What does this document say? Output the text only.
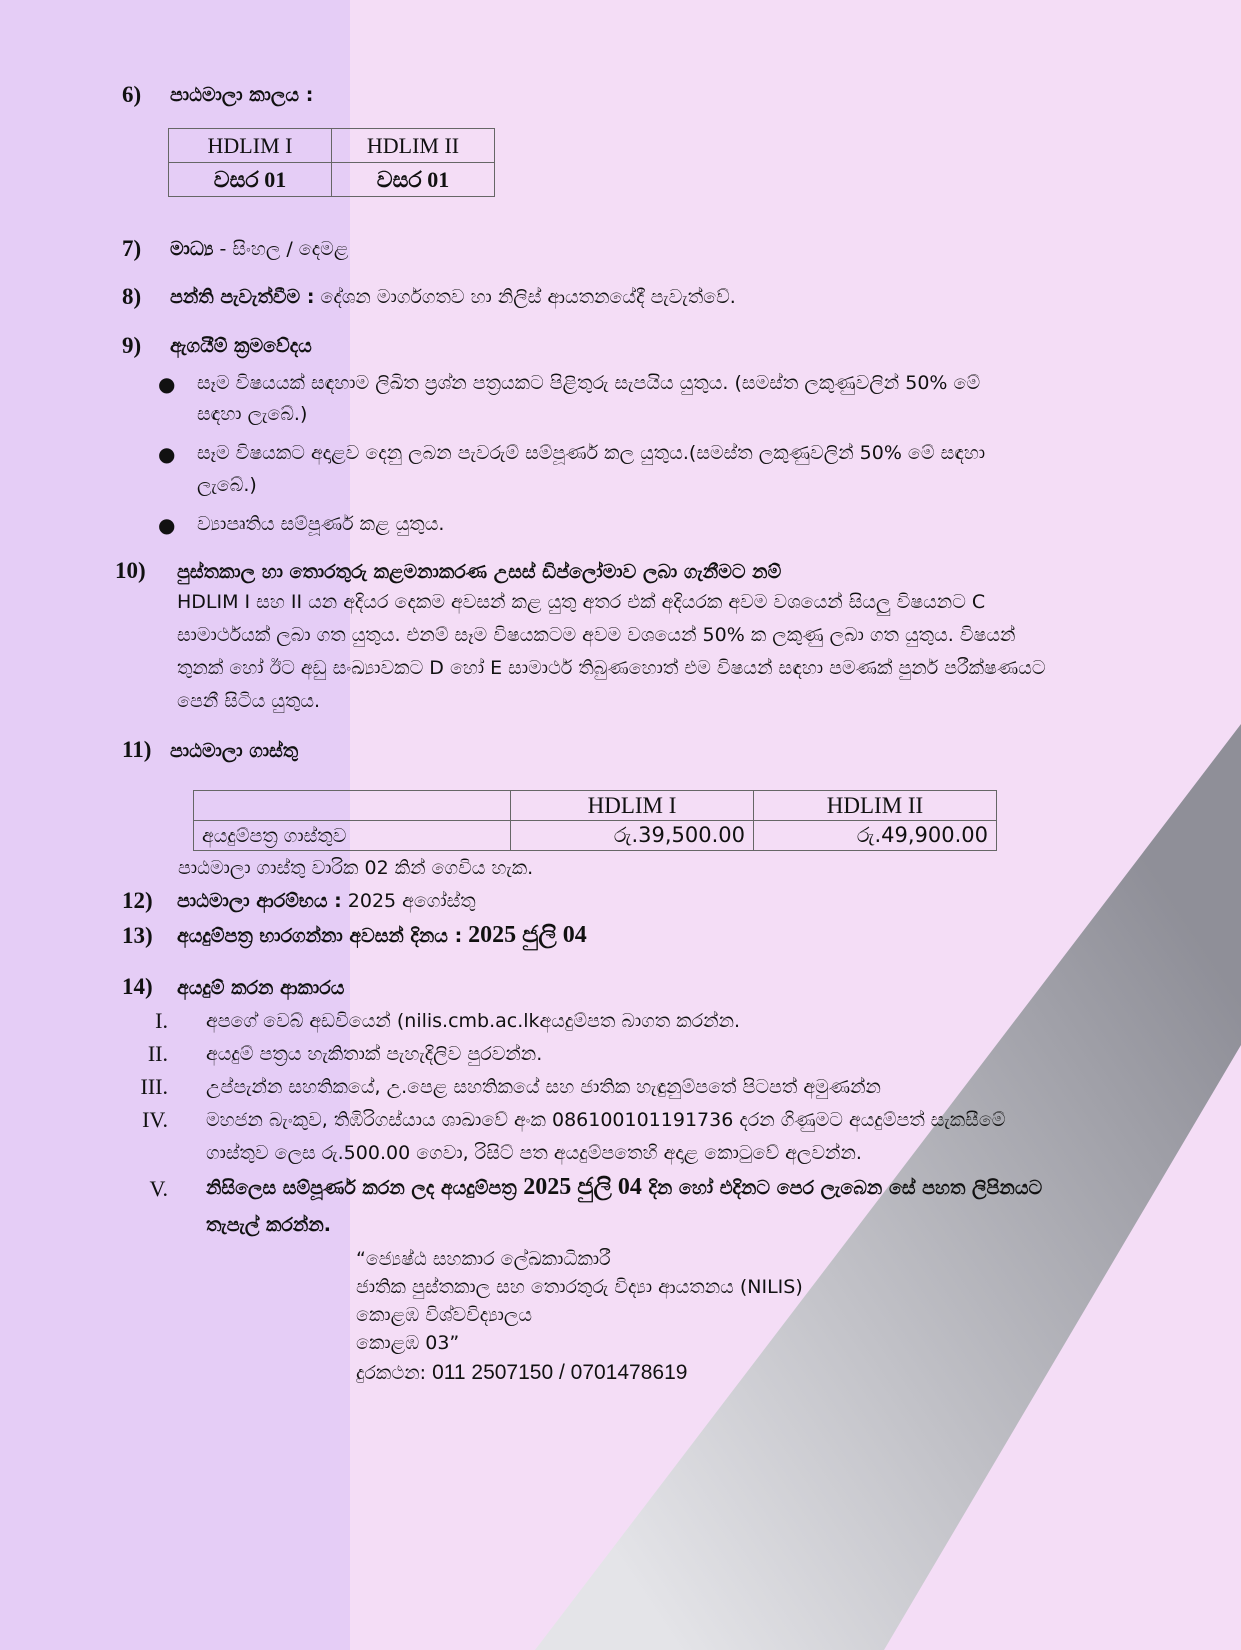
6) පාඨමාලා කාලය :
HDLIM I	HDLIM II
වසර 01	වසර 01
7) මාධ්‍ය - සිංහල / දෙමළ
8) පන්ති පැවැත්වීම : දේශන මාර්ගගතව හා නිලිස් ආයතනයේදී පැවැත්වේ.
9) ඇගයීම් ක්‍රමවේදය
● සෑම විෂයයක් සඳහාම ලිඛිත ප්‍රශ්න පත්‍රයකට පිළිතුරු සැපයිය යුතුය. (සමස්ත ලකුණුවලින් 50% මේ
සඳහා ලැබේ.)
● සෑම විෂයකට අදාළව දෙනු ලබන පැවරුම් සම්පූර්ණ කල යුතුය.(සමස්ත ලකුණුවලින් 50% මේ සඳහා
ලැබේ.)
● ව්‍යාපෘතිය සම්පූර්ණ කළ යුතුය.
10) පුස්තකාල හා තොරතුරු කළමනාකරණ උසස් ඩිප්ලෝමාව ලබා ගැනීමට නම්
HDLIM I සහ II යන අදියර දෙකම අවසන් කළ යුතු අතර එක් අදියරක අවම වශයෙන් සියලු විෂයනට C
සාමාර්ථයක් ලබා ගත යුතුය. එනම් සෑම විෂයකටම අවම වශයෙන් 50% ක ලකුණු ලබා ගත යුතුය. විෂයන්
තුනක් හෝ ඊට අඩු සංඛ්‍යාවකට D හෝ E සාමාර්ථ තිබුණහොත් එම විෂයන් සඳහා පමණක් පුනර් පරීක්ෂණයට
පෙනී සිටිය යුතුය.
11) පාඨමාලා ගාස්තු
	HDLIM I	HDLIM II
අයදුම්පත්‍ර ගාස්තුව	රු.39,500.00	රු.49,900.00
පාඨමාලා ගාස්තු වාරික 02 කින් ගෙවිය හැක.
12) පාඨමාලා ආරම්භය : 2025 අගෝස්තු
13) අයදුම්පත්‍ර භාරගන්නා අවසන් දිනය : 2025 ජුලි 04
14) අයදුම් කරන ආකාරය
I. අපගේ වෙබ් අඩවියෙන් (nilis.cmb.ac.lkඅයදුම්පත බාගත කරන්න.
II. අයදුම් පත්‍රය හැකිතාක් පැහැදිලිව පුරවන්න.
III. උප්පැන්න සහතිකයේ, උ.පෙළ සහතිකයේ සහ ජාතික හැඳුනුම්පතේ පිටපත් අමුණන්න
IV. මහජන බැංකුව, තිඹිරිගස්යාය ශාඛාවේ අංක 086100101191736 දරන ගිණුමට අයදුම්පත් සැකසීමේ
ගාස්තුව ලෙස රු.500.00 ගෙවා, රිසිට් පත අයදුම්පතෙහි අදාළ කොටුවේ අලවන්න.
V. නිසිලෙස සම්පූර්ණ කරන ලද අයදුම්පත්‍ර 2025 ජුලි 04 දින හෝ එදිනට පෙර ලැබෙන සේ පහත ලිපිනයට
තැපැල් කරන්න.
“ජ්‍යෙෂ්ඨ සහකාර ලේඛකාධිකාරී
ජාතික පුස්තකාල සහ තොරතුරු විද්‍යා ආයතනය (NILIS)
කොළඹ විශ්වවිද්‍යාලය
කොළඹ 03”
දුරකථන: 011 2507150 / 0701478619
